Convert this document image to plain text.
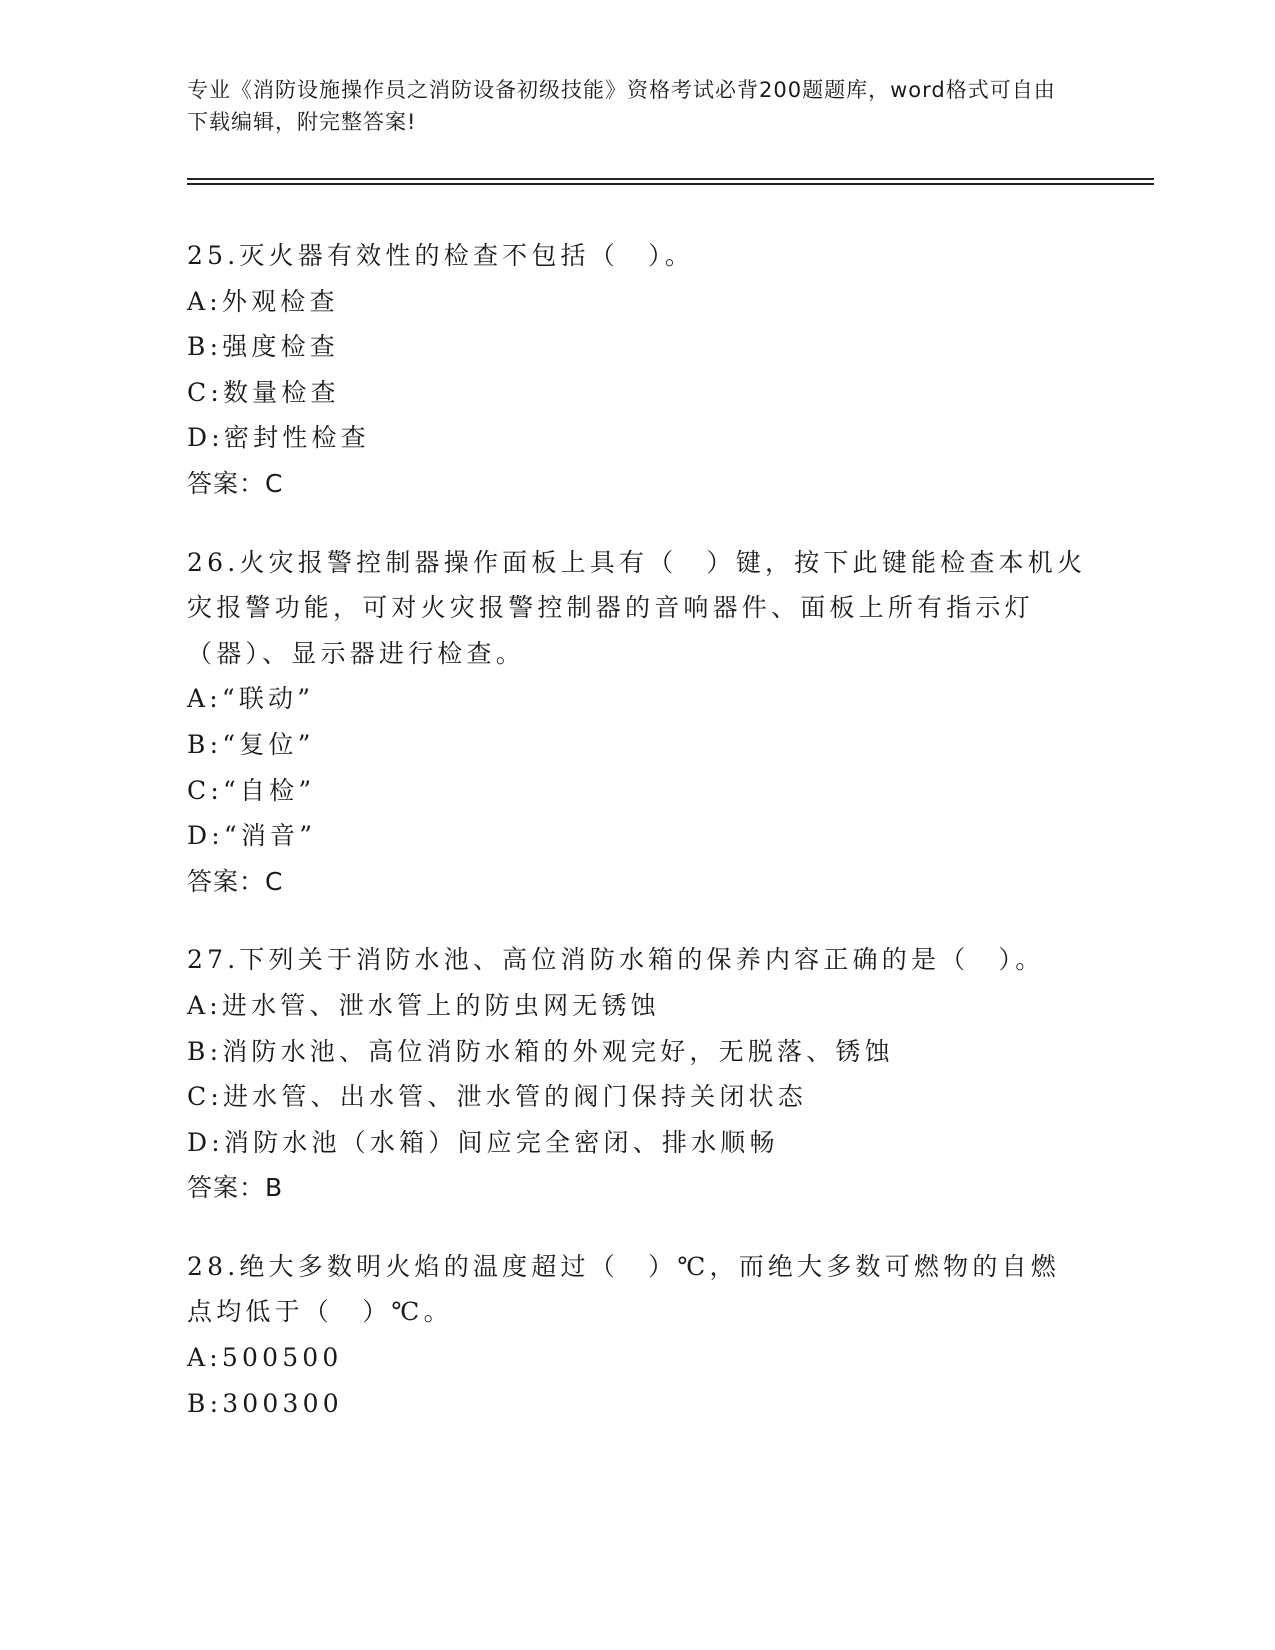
专业《消防设施操作员之消防设备初级技能》资格考试必背200题题库，word格式可自由下载编辑，附完整答案!
25.灭火器有效性的检查不包括（　）。
A:外观检查
B:强度检查
C:数量检查
D:密封性检查
答案：C
26.火灾报警控制器操作面板上具有（　）键，按下此键能检查本机火灾报警功能，可对火灾报警控制器的音响器件、面板上所有指示灯（器）、显示器进行检查。
A:“联动”
B:“复位”
C:“自检”
D:“消音”
答案：C
27.下列关于消防水池、高位消防水箱的保养内容正确的是（　）。
A:进水管、泄水管上的防虫网无锈蚀
B:消防水池、高位消防水箱的外观完好，无脱落、锈蚀
C:进水管、出水管、泄水管的阀门保持关闭状态
D:消防水池（水箱）间应完全密闭、排水顺畅
答案：B
28.绝大多数明火焰的温度超过（　）℃，而绝大多数可燃物的自燃点均低于（　）℃。
A:500500
B:300300
